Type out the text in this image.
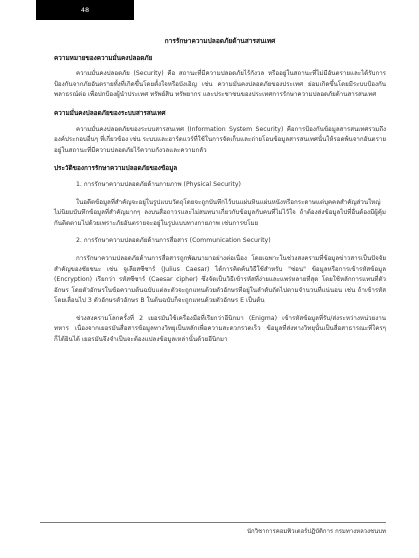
48
การรักษาความปลอดภัยด้านสารสนเทศ
ความหมายของความมั่นคงปลอดภัย

ความมั่นคงปลอดภัย (Security) คือ สถานะที่มีความปลอดภัยไร้กังวล หรืออยู่ในสถานะที่ไม่มีอันตรายและได้รับการป้องกันจากภัยอันตรายทั้งที่เกิดขึ้นโดยตั้งใจหรือบังเอิญ เช่น ความมั่นคงปลอดภัยของประเทศ ย่อมเกิดขึ้นโดยมีระบบป้องกันพลาธรณ์ต่อ เพื่อปกป้องผู้นำประเทศ ทรัพย์สิน ทรัพยากร และประชาชนของประเทศการรักษาความปลอดภัยด้านสารสนเทศ

ความมั่นคงปลอดภัยของระบบสารสนเทศ

ความมั่นคงปลอดภัยของระบบสารสนเทศ (Information System Security) คือการป้องกันข้อมูลสารสนเทศรวมถึงองค์ประกอบอื่นๆ ที่เกี่ยวข้อง เช่น ระบบและฮาร์ดแวร์ที่ใช้ในการจัดเก็บและถ่ายโอนข้อมูลสารสนเทศนั้นให้รอดพ้นจากอันตรายอยู่ในสถานะที่มีความปลอดภัยไร้ความกังวลและความกลัว

ประวัติของการรักษาความปลอดภัยของข้อมูล
1. การรักษาความปลอดภัยด้านกายภาพ (Physical Security)

ในอดีตข้อมูลที่สำคัญจะอยู่ในรูปแบบวัตถุโดยจะถูกบันทึกไว้บนแผ่นหินแผ่นหนังหรือกระดาษแต่บุคคลสำคัญส่วนใหญ่ไม่นิยมบันทึกข้อมูลที่สำคัญมากๆ ลงบนสื่อถาวรและไม่สนทนาเกี่ยวกับข้อมูลกับคนที่ไม่ไว้ใจ ถ้าต้องส่งข้อมูลไปที่อื่นต้องมีผู้คุ้มกันติดตามไปด้วยเพราะภัยอันตรายจะอยู่ในรูปแบบทางกายภาพ เช่นการขโมย

2. การรักษาความปลอดภัยด้านการสื่อสาร (Communication Security)

การรักษาความปลอดภัยด้านการสื่อสารถูกพัฒนามาอย่างต่อเนื่อง โดยเฉพาะในช่วงสงครามที่ข้อมูลข่าวสารเป็นปัจจัยสำคัญของชัยชนะ เช่น จูเลียสซีซาร์ (Julius Caesar) ได้การคิดค้นวิธีใช้สำหรับ "ซ่อน" ข้อมูลหรือการเข้ารหัสข้อมูล (Encryption) เรียกว่า รหัสซีซาร์ (Caesar cipher) ซึ่งจัดเป็นวิธีเข้ารหัสที่ง่ายและแพร่หลายที่สุด โดยใช้หลักการแทนที่ตัวอักษร โดยตัวอักษรในข้อความต้นฉบับแต่ละตัวจะถูกแทนด้วยตัวอักษรที่อยู่ในลำดับถัดไปตามจำนวนที่แน่นอน เช่น ถ้าเข้ารหัสโดยเลื่อนไป 3 ตัวอักษรตัวอักษร B ในต้นฉบับก็จะถูกแทนด้วยตัวอักษร E เป็นต้น

ช่วงสงครามโลกครั้งที่ 2 เยอรมันใช้เครื่องมือที่เรียกว่าอีนิกมา (Enigma) เข้ารหัสข้อมูลที่รับ/ส่งระหว่างหน่วยงานทหาร เนื่องจากเยอรมันสื่อสารข้อมูลทางวิทยุเป็นหลักเพื่อความสะดวกรวดเร็ว ข้อมูลที่ส่งทางวิทยุนั้นเป็นสื่อสาธารณะที่ใครๆ ก็ได้ยินได้ เยอรมันจึงจำเป็นจะต้องแปลงข้อมูลเหล่านั้นด้วยอีนิกมา

นักวิชาการคอมพิวเตอร์ปฏิบัติการ กรมทางหลวงชนบท
